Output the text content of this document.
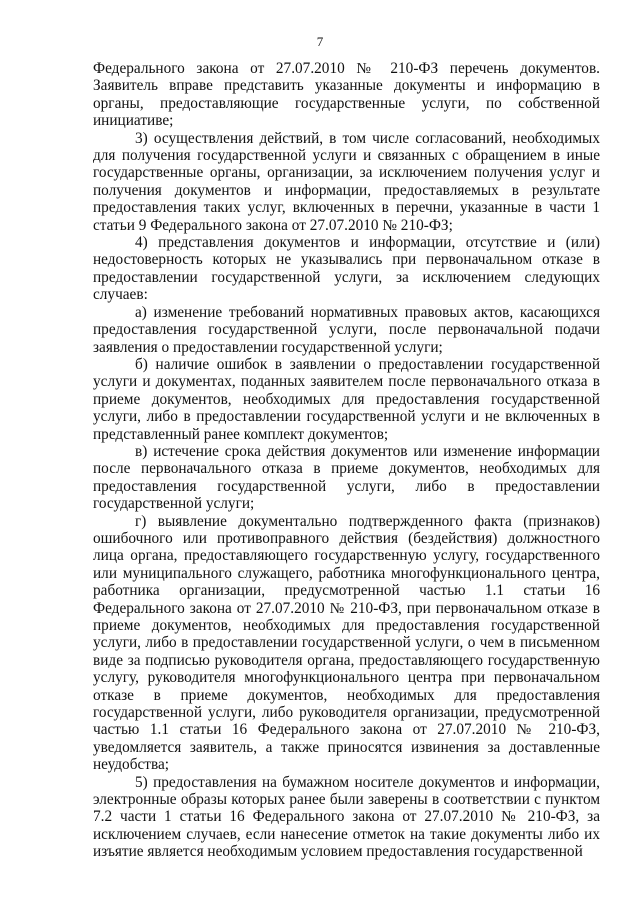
7

Федерального закона от 27.07.2010 № 210-ФЗ перечень документов. Заявитель вправе представить указанные документы и информацию в органы, предоставляющие государственные услуги, по собственной инициативе;

3) осуществления действий, в том числе согласований, необходимых для получения государственной услуги и связанных с обращением в иные государственные органы, организации, за исключением получения услуг и получения документов и информации, предоставляемых в результате предоставления таких услуг, включенных в перечни, указанные в части 1 статьи 9 Федерального закона от 27.07.2010 № 210-ФЗ;

4) представления документов и информации, отсутствие и (или) недостоверность которых не указывались при первоначальном отказе в предоставлении государственной услуги, за исключением следующих случаев:

а) изменение требований нормативных правовых актов, касающихся предоставления государственной услуги, после первоначальной подачи заявления о предоставлении государственной услуги;

б) наличие ошибок в заявлении о предоставлении государственной услуги и документах, поданных заявителем после первоначального отказа в приеме документов, необходимых для предоставления государственной услуги, либо в предоставлении государственной услуги и не включенных в представленный ранее комплект документов;

в) истечение срока действия документов или изменение информации после первоначального отказа в приеме документов, необходимых для предоставления государственной услуги, либо в предоставлении государственной услуги;

г) выявление документально подтвержденного факта (признаков) ошибочного или противоправного действия (бездействия) должностного лица органа, предоставляющего государственную услугу, государственного или муниципального служащего, работника многофункционального центра, работника организации, предусмотренной частью 1.1 статьи 16 Федерального закона от 27.07.2010 № 210-ФЗ, при первоначальном отказе в приеме документов, необходимых для предоставления государственной услуги, либо в предоставлении государственной услуги, о чем в письменном виде за подписью руководителя органа, предоставляющего государственную услугу, руководителя многофункционального центра при первоначальном отказе в приеме документов, необходимых для предоставления государственной услуги, либо руководителя организации, предусмотренной частью 1.1 статьи 16 Федерального закона от 27.07.2010 № 210-ФЗ, уведомляется заявитель, а также приносятся извинения за доставленные неудобства;

5) предоставления на бумажном носителе документов и информации, электронные образы которых ранее были заверены в соответствии с пунктом 7.2 части 1 статьи 16 Федерального закона от 27.07.2010 № 210-ФЗ, за исключением случаев, если нанесение отметок на такие документы либо их изъятие является необходимым условием предоставления государственной
